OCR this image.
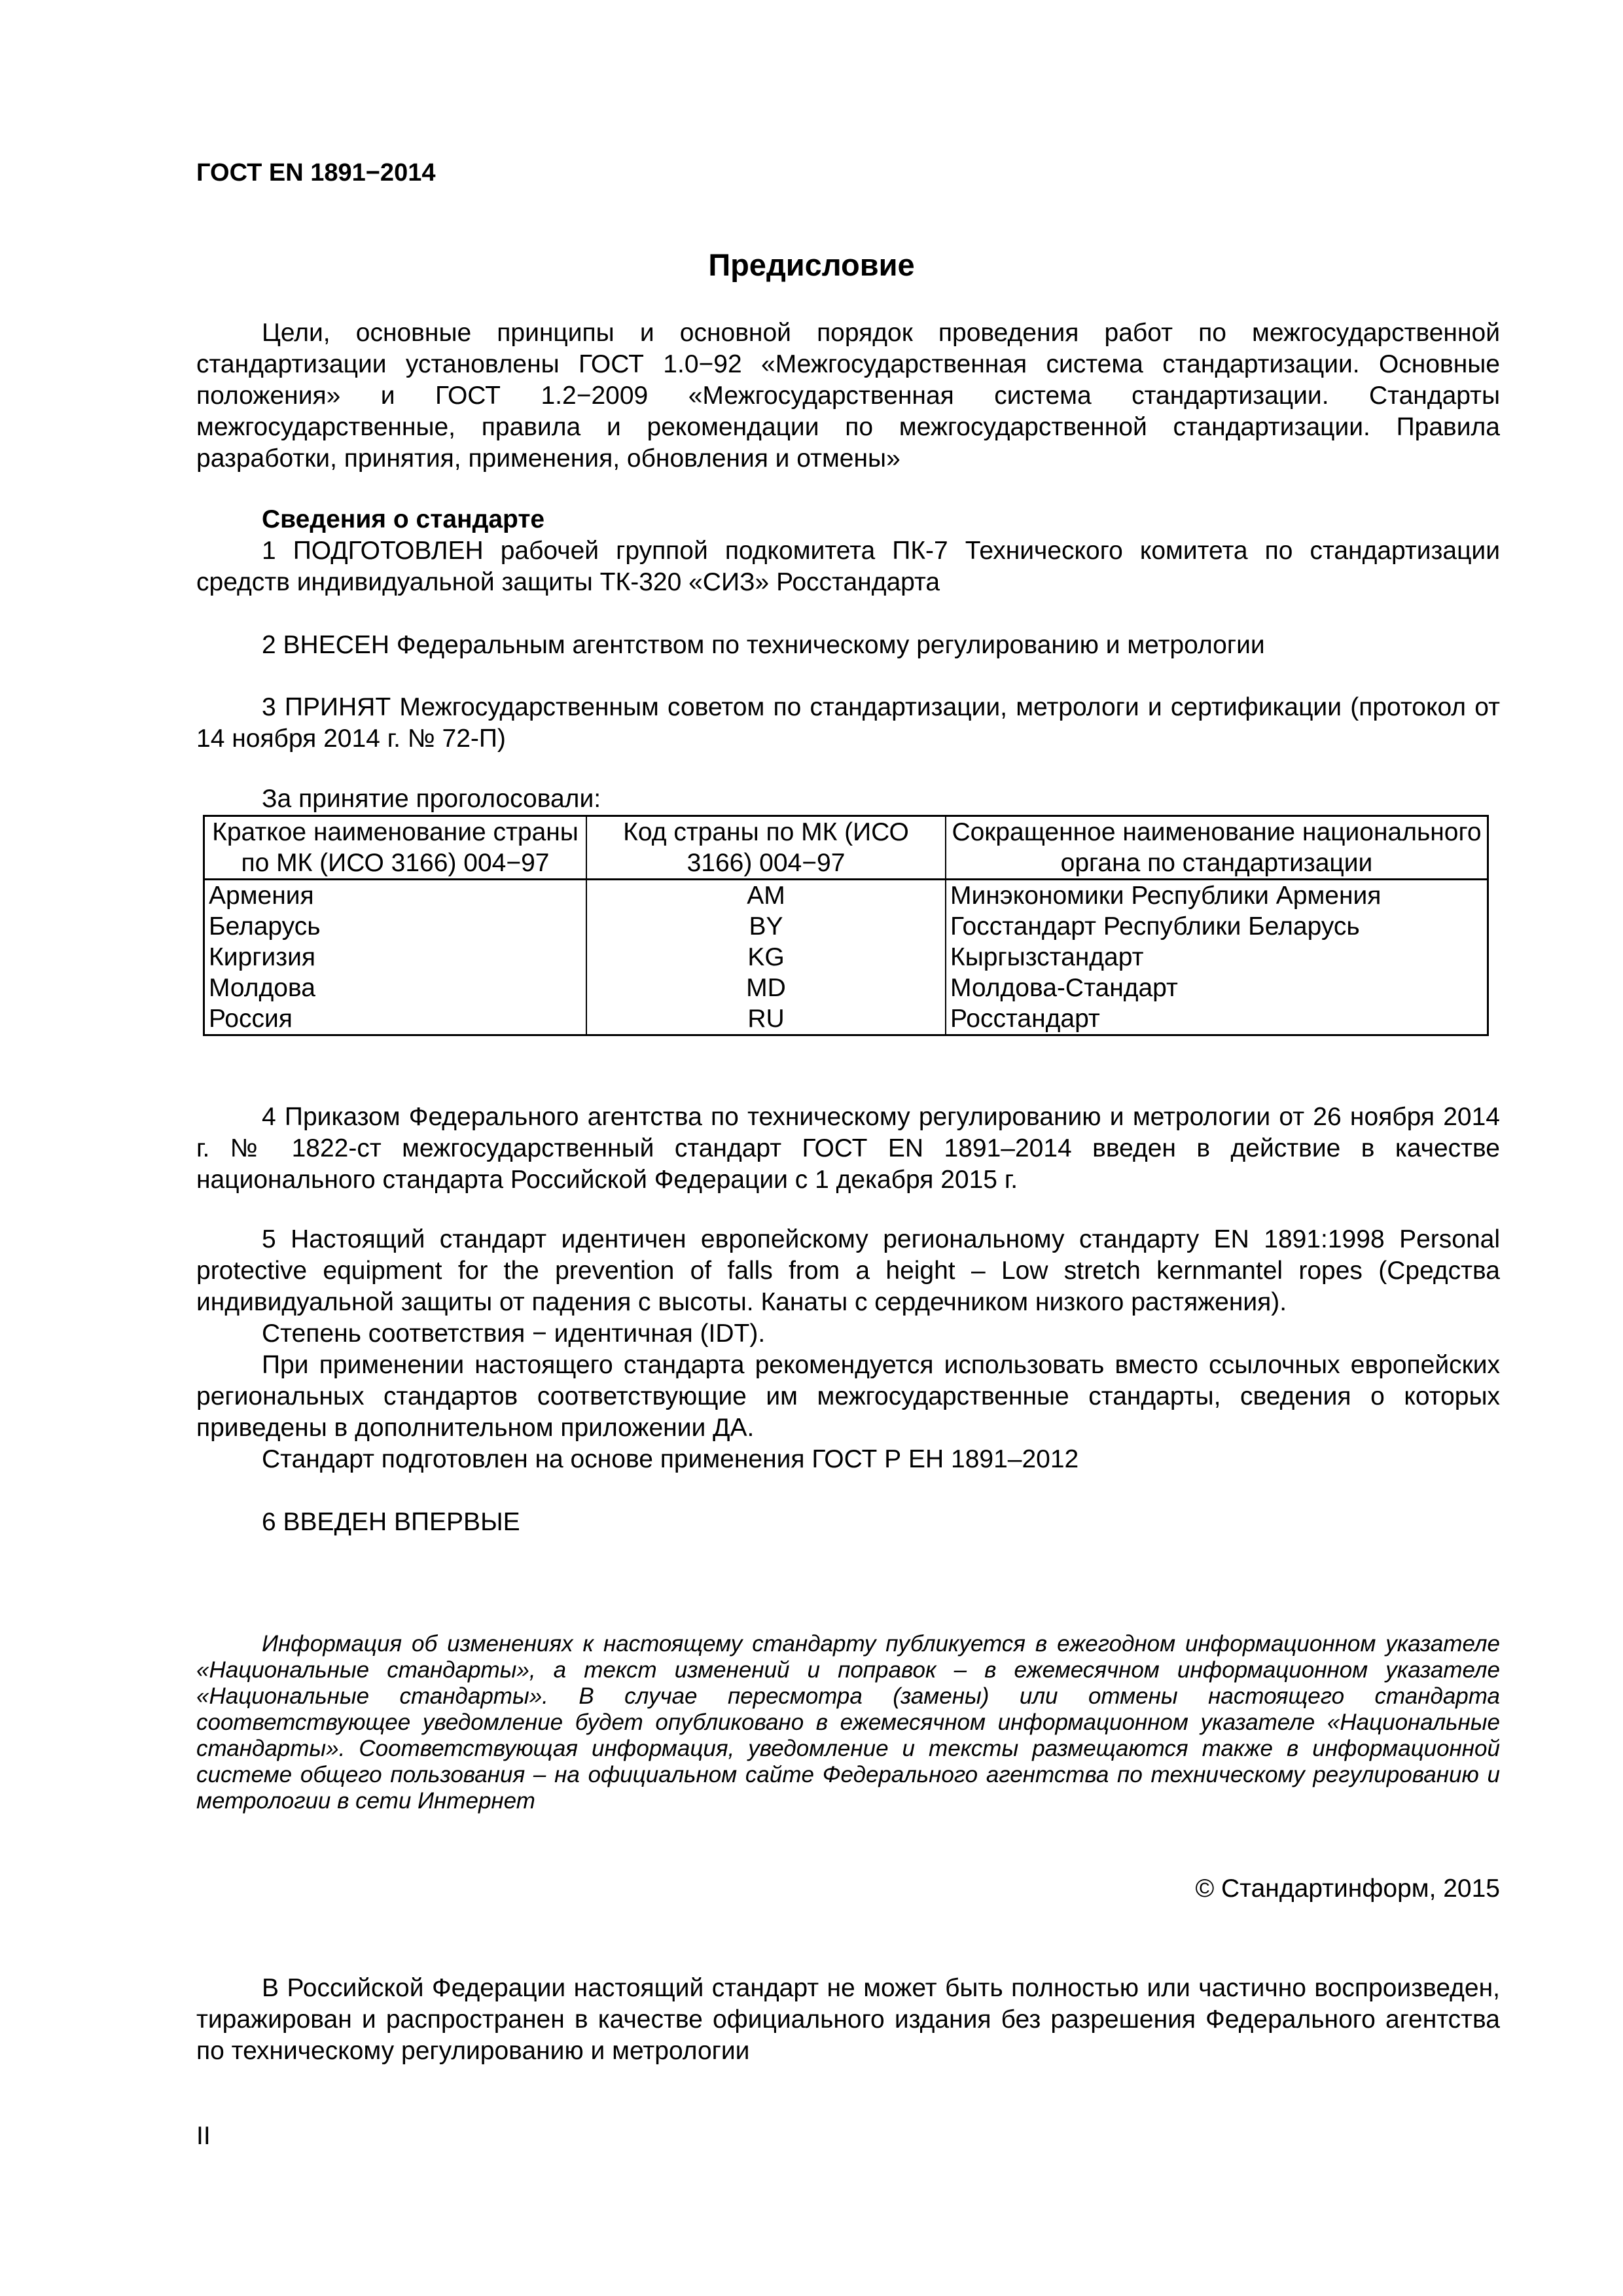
ГОСТ EN 1891−2014

Предисловие

Цели, основные принципы и основной порядок проведения работ по межгосударственной стандартизации установлены ГОСТ 1.0−92 «Межгосударственная система стандартизации. Основные положения» и ГОСТ 1.2−2009 «Межгосударственная система стандартизации. Стандарты межгосударственные, правила и рекомендации по межгосударственной стандартизации. Правила разработки, принятия, применения, обновления и отмены»

Сведения о стандарте

1 ПОДГОТОВЛЕН рабочей группой подкомитета ПК-7 Технического комитета по стандартизации средств индивидуальной защиты ТК-320 «СИЗ» Росстандарта

2 ВНЕСЕН Федеральным агентством по техническому регулированию и метрологии

3 ПРИНЯТ Межгосударственным советом по стандартизации, метрологи и сертификации (протокол от 14 ноября 2014 г. № 72-П)

За принятие проголосовали:

Краткое наименование страны по МК (ИСО 3166) 004−97	Код страны по МК (ИСО 3166) 004−97	Сокращенное наименование национального органа по стандартизации
Армения	AM	Минэкономики Республики Армения
Беларусь	BY	Госстандарт Республики Беларусь
Киргизия	KG	Кыргызстандарт
Молдова	MD	Молдова-Стандарт
Россия	RU	Росстандарт

4 Приказом Федерального агентства по техническому регулированию и метрологии от 26 ноября 2014 г. № 1822-ст межгосударственный стандарт ГОСТ EN 1891–2014 введен в действие в качестве национального стандарта Российской Федерации с 1 декабря 2015 г.

5 Настоящий стандарт идентичен европейскому региональному стандарту EN 1891:1998 Personal protective equipment for the prevention of falls from a height – Low stretch kernmantel ropes (Средства индивидуальной защиты от падения с высоты. Канаты с сердечником низкого растяжения).

Степень соответствия − идентичная (IDT).

При применении настоящего стандарта рекомендуется использовать вместо ссылочных европейских региональных стандартов соответствующие им межгосударственные стандарты, сведения о которых приведены в дополнительном приложении ДА.

Стандарт подготовлен на основе применения ГОСТ Р ЕН 1891–2012

6 ВВЕДЕН ВПЕРВЫЕ

Информация об изменениях к настоящему стандарту публикуется в ежегодном информационном указателе «Национальные стандарты», а текст изменений и поправок – в ежемесячном информационном указателе «Национальные стандарты». В случае пересмотра (замены) или отмены настоящего стандарта соответствующее уведомление будет опубликовано в ежемесячном информационном указателе «Национальные стандарты». Соответствующая информация, уведомление и тексты размещаются также в информационной системе общего пользования – на официальном сайте Федерального агентства по техническому регулированию и метрологии в сети Интернет

© Стандартинформ, 2015

В Российской Федерации настоящий стандарт не может быть полностью или частично воспроизведен, тиражирован и распространен в качестве официального издания без разрешения Федерального агентства по техническому регулированию и метрологии

II
